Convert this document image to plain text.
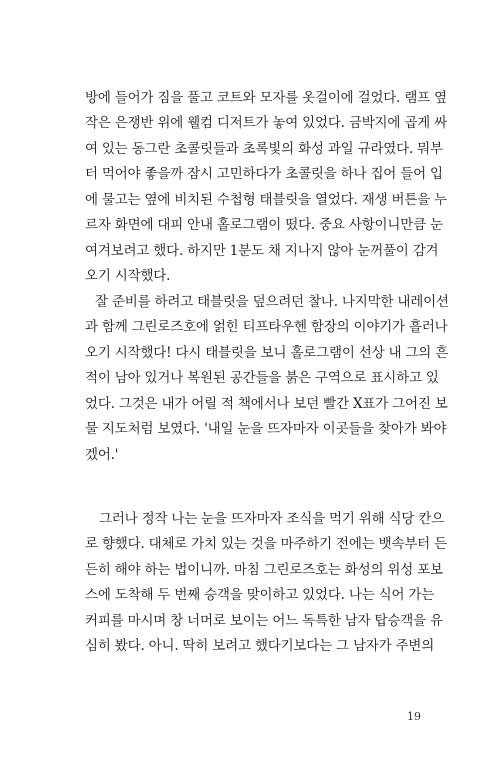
방에 들어가 짐을 풀고 코트와 모자를 옷걸이에 걸었다. 램프 옆
작은 은쟁반 위에 웰컴 디저트가 놓여 있었다. 금박지에 곱게 싸
여 있는 동그란 초콜릿들과 초록빛의 화성 과일 규라였다. 뭐부
터 먹어야 좋을까 잠시 고민하다가 초콜릿을 하나 집어 들어 입
에 물고는 옆에 비치된 수첩형 태블릿을 열었다. 재생 버튼을 누
르자 화면에 대피 안내 홀로그램이 떴다. 중요 사항이니만큼 눈
여겨보려고 했다. 하지만 1분도 채 지나지 않아 눈꺼풀이 감겨
오기 시작했다.
잘 준비를 하려고 태블릿을 덮으려던 찰나. 나지막한 내레이션
과 함께 그린로즈호에 얽힌 티프타우헨 함장의 이야기가 흘러나
오기 시작했다! 다시 태블릿을 보니 홀로그램이 선상 내 그의 흔
적이 남아 있거나 복원된 공간들을 붉은 구역으로 표시하고 있
었다. 그것은 내가 어릴 적 책에서나 보던 빨간 X표가 그어진 보
물 지도처럼 보였다. '내일 눈을 뜨자마자 이곳들을 찾아가 봐야
겠어.'
그러나 정작 나는 눈을 뜨자마자 조식을 먹기 위해 식당 칸으
로 향했다. 대체로 가치 있는 것을 마주하기 전에는 뱃속부터 든
든히 해야 하는 법이니까. 마침 그린로즈호는 화성의 위성 포보
스에 도착해 두 번째 승객을 맞이하고 있었다. 나는 식어 가는
커피를 마시며 창 너머로 보이는 어느 독특한 남자 탑승객을 유
심히 봤다. 아니. 딱히 보려고 했다기보다는 그 남자가 주변의
19
